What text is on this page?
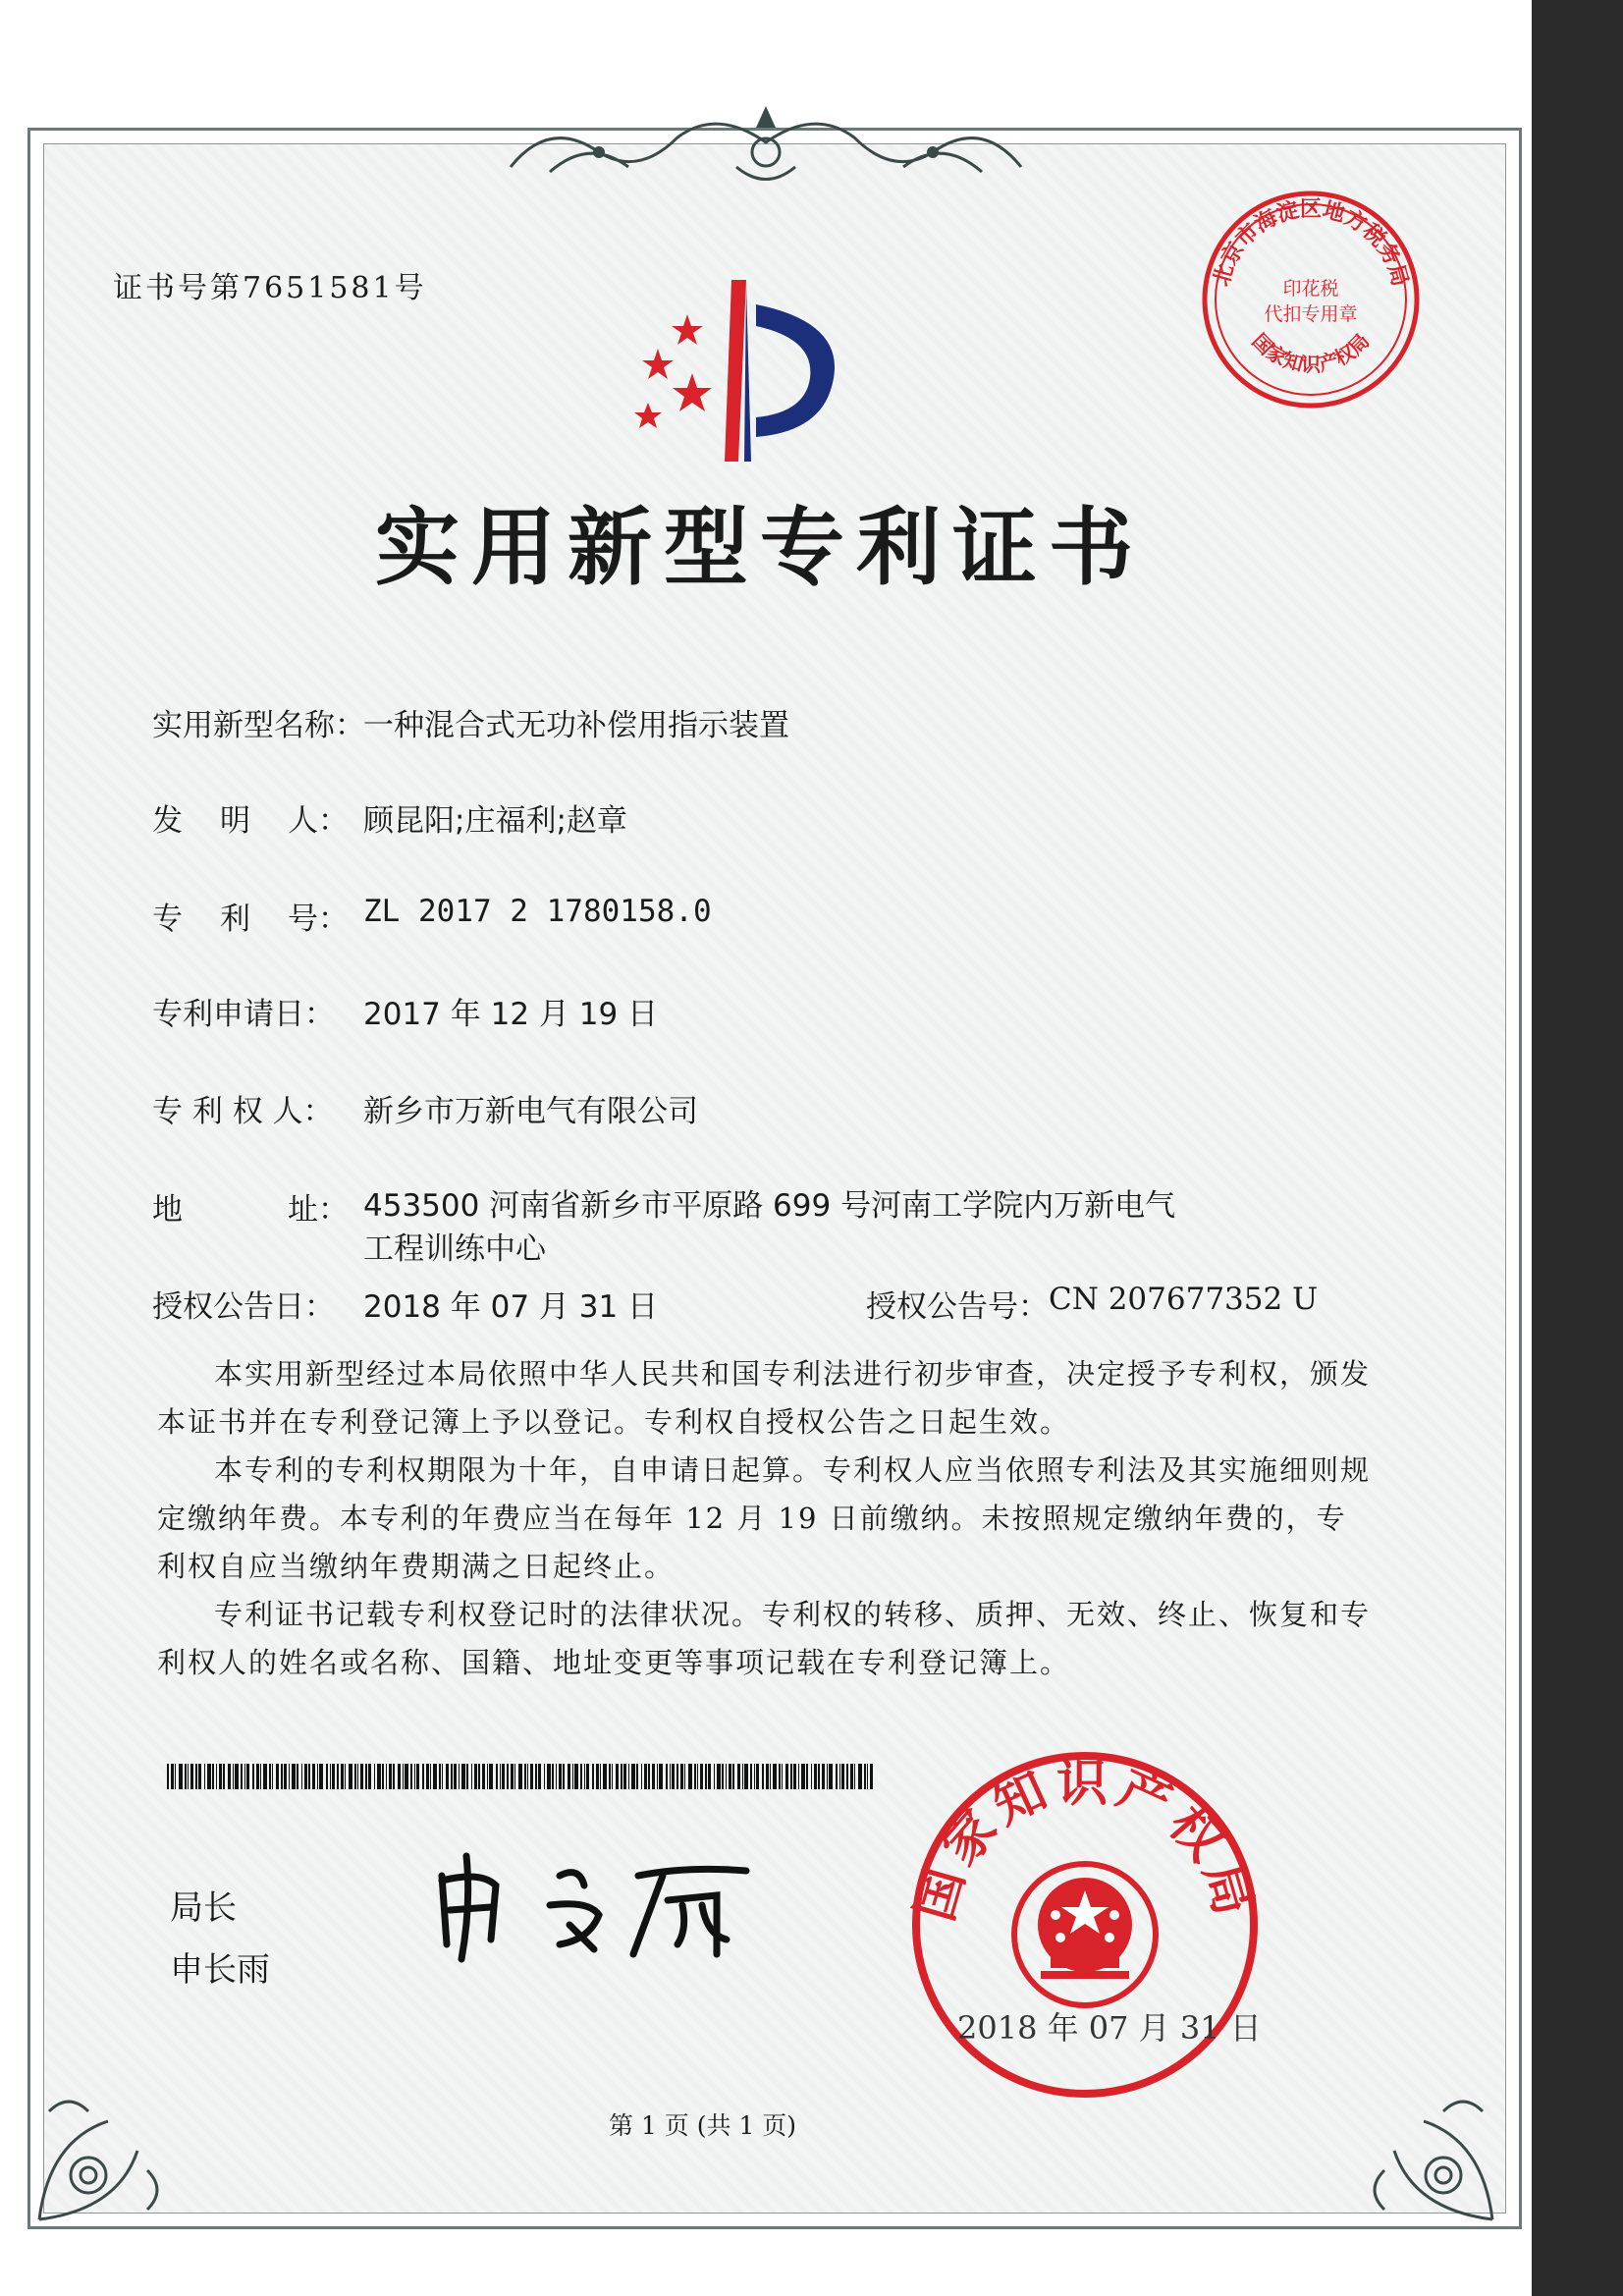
证书号第7651581号	北京市海淀区地方税务局
印花税
代扣专用章
国家知识产权局
实用新型专利证书
实用新型名称：
一种混合式无功补偿用指示装置
发 明 人： 顾昆阳;庄福利;赵章
专 利 号： ZL 2017 2 1780158.0
专利申请日： 2017 年 12 月 19 日
专 利 权 人： 新乡市万新电气有限公司
地	址： 453500 河南省新乡市平原路 699 号河南工学院内万新电气
工程训练中心
授权公告日： 2018 年 07 月 31 日	授权公告号： CN 207677352 U

本实用新型经过本局依照中华人民共和国专利法进行初步审查，决定授予专利权，颁发本证书并在专利登记簿上予以登记。专利权自授权公告之日起生效。

本专利的专利权期限为十年，自申请日起算。专利权人应当依照专利法及其实施细则规定缴纳年费。本专利的年费应当在每年 12 月 19 日前缴纳。未按照规定缴纳年费的，专利权自应当缴纳年费期满之日起终止。

专利证书记载专利权登记时的法律状况。专利权的转移、质押、无效、终止、恢复和专利权人的姓名或名称、国籍、地址变更等事项记载在专利登记簿上。

局长
申长雨
国家知识产权局
2018 年 07 月 31 日
第 1 页 (共 1 页)
